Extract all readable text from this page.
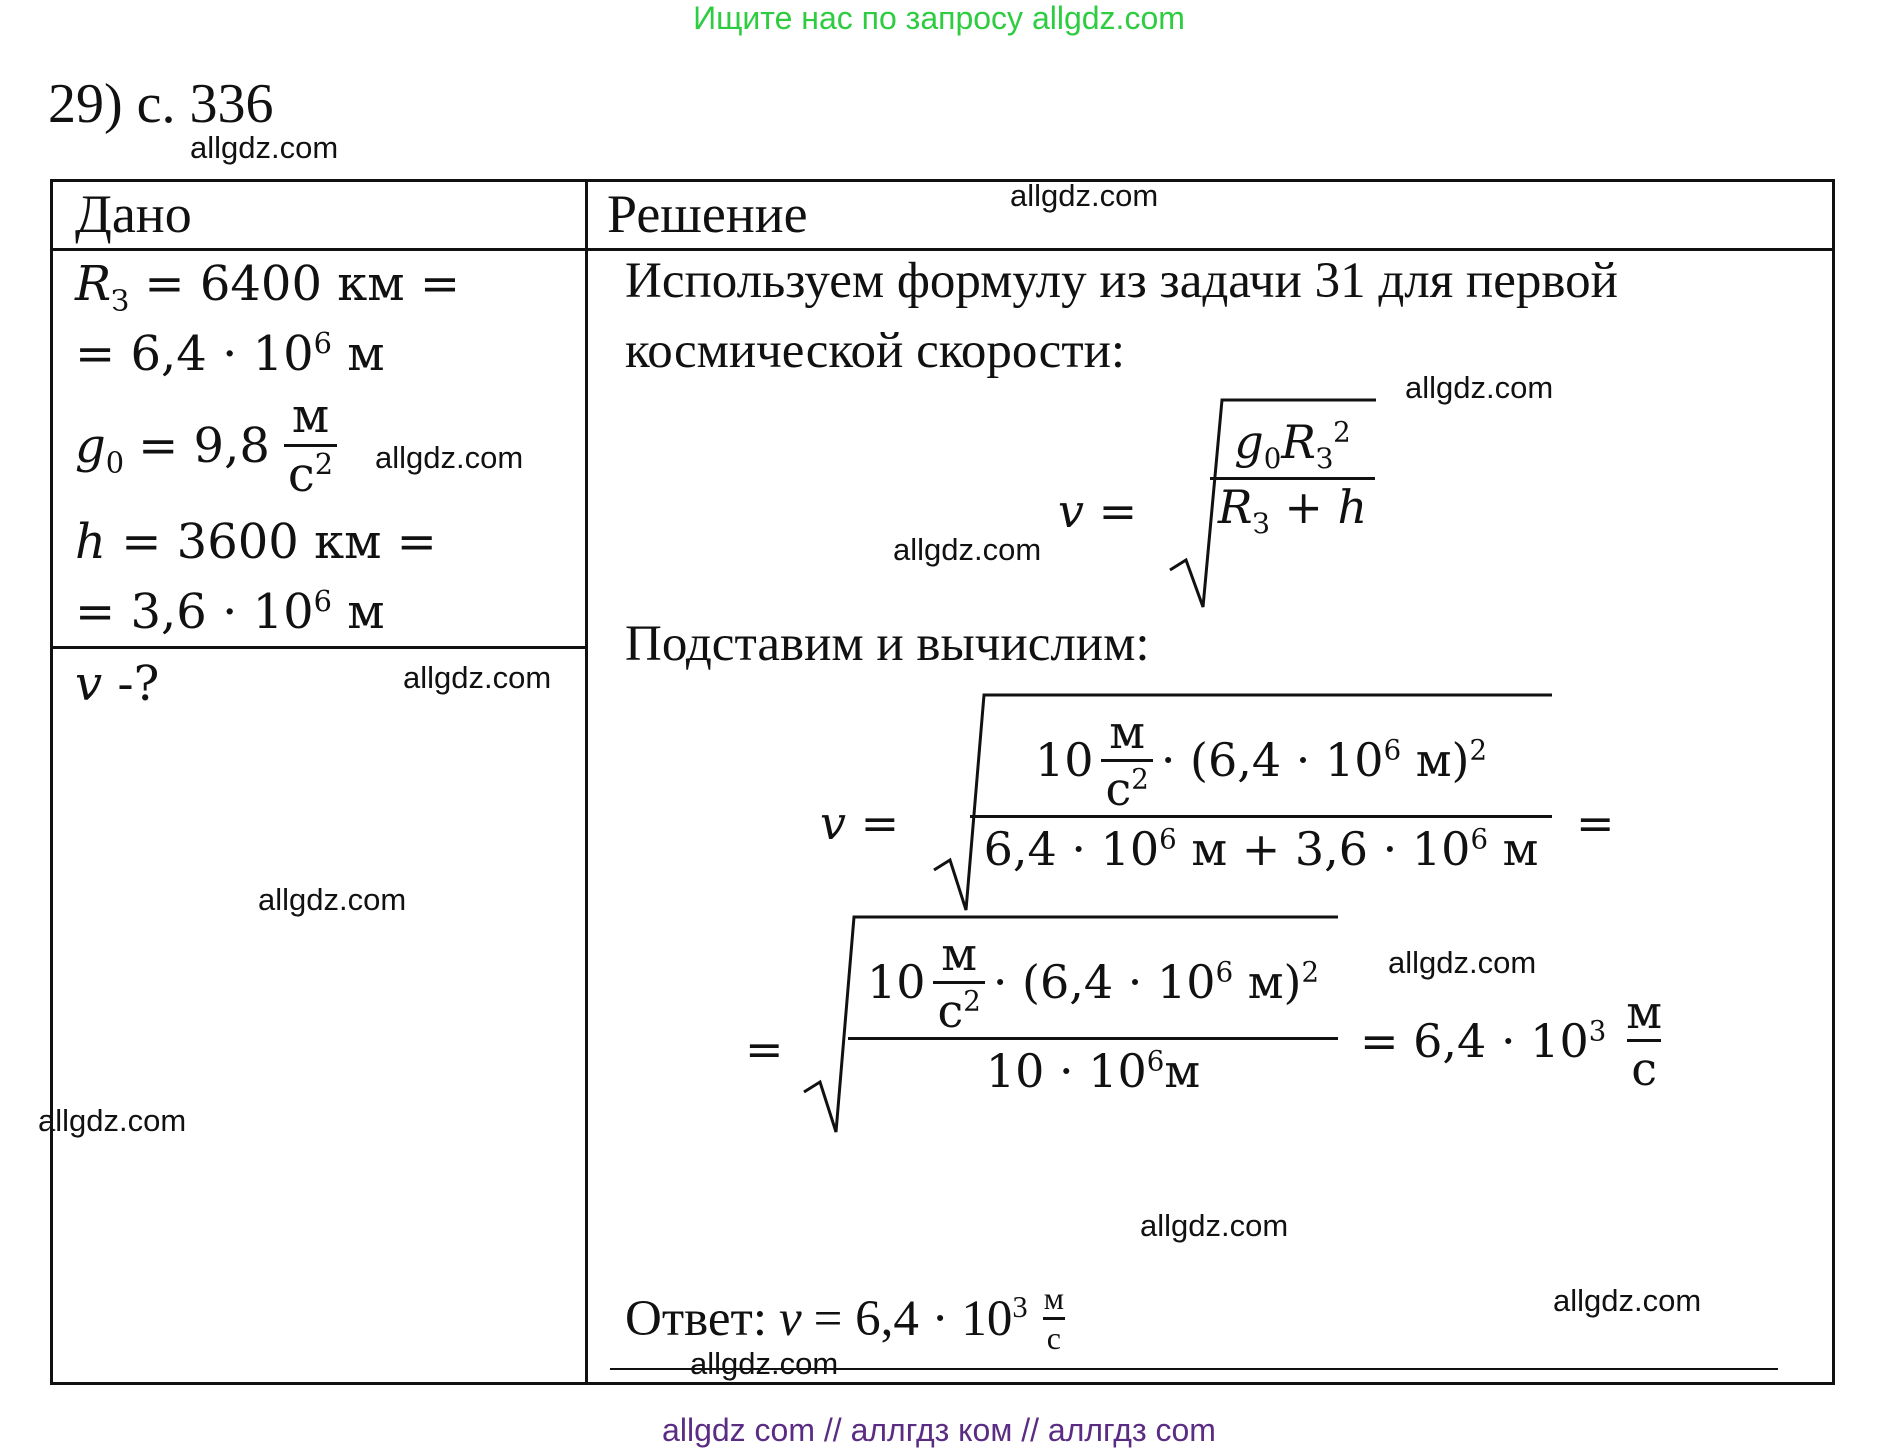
Ищите нас по запросу allgdz.com
29) с. 336
Дано	Решение
$R_З = 6400$ км =
= $6,4 \cdot 10^6$ м
$g_0 = 9,8 \frac{м}{с^2}$
h = 3600 км =
= $3,6 \cdot 10^6$ м
v -?
Используем формулу из задачи 31 для первой
космической скорости:
v =
$g_0R_З^2$
$R_З + h$
Подставим и вычислим:
v =
$10 \frac{м}{с^2} \cdot (6,4 \cdot 10^6$ м)$^2$
$6,4 \cdot 10^6$ $м + 3,6 \cdot 10^6$ м =
=
$10 \frac{м}{с^2} \cdot (6,4 \cdot 10^6$ м)$^2$
$10 \cdot 10^6м$
= $6,4 \cdot 10^3 \frac{м}{с}$
Ответ: $v = 6,4 \cdot 10^3 \frac{м}{с}$
allgdz.com
allgdz.com
allgdz.com
allgdz.com
allgdz.com
allgdz.com
allgdz.com
allgdz.com
allgdz.com
allgdz.com
allgdz.com
allgdz.com
allgdz com // аллгдз ком // аллгдз com
